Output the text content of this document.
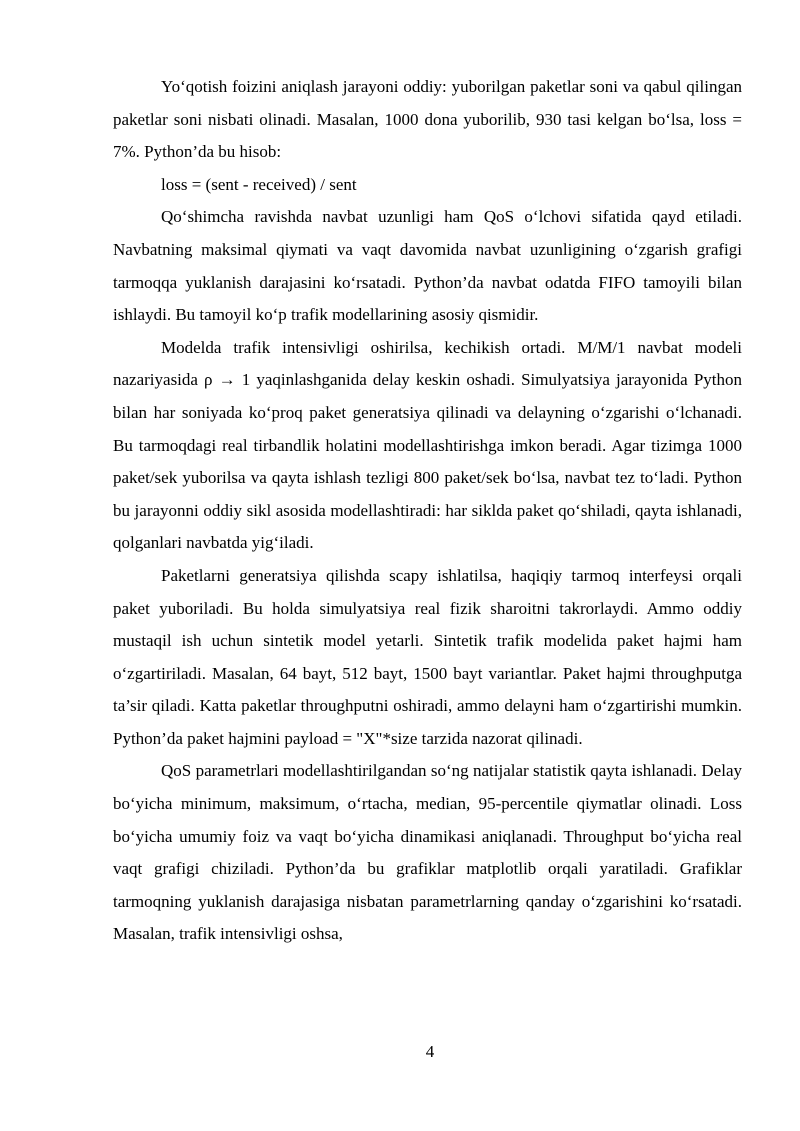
Yo‘qotish foizini aniqlash jarayoni oddiy: yuborilgan paketlar soni va qabul qilingan paketlar soni nisbati olinadi. Masalan, 1000 dona yuborilib, 930 tasi kelgan bo‘lsa, loss = 7%. Python’da bu hisob:

loss = (sent - received) / sent

Qo‘shimcha ravishda navbat uzunligi ham QoS o‘lchovi sifatida qayd etiladi. Navbatning maksimal qiymati va vaqt davomida navbat uzunligining o‘zgarish grafigi tarmoqqa yuklanish darajasini ko‘rsatadi. Python’da navbat odatda FIFO tamoyili bilan ishlaydi. Bu tamoyil ko‘p trafik modellarining asosiy qismidir.

Modelda trafik intensivligi oshirilsa, kechikish ortadi. M/M/1 navbat modeli nazariyasida ρ → 1 yaqinlashganida delay keskin oshadi. Simulyatsiya jarayonida Python bilan har soniyada ko‘proq paket generatsiya qilinadi va delayning o‘zgarishi o‘lchanadi. Bu tarmoqdagi real tirbandlik holatini modellashtirishga imkon beradi. Agar tizimga 1000 paket/sek yuborilsa va qayta ishlash tezligi 800 paket/sek bo‘lsa, navbat tez to‘ladi. Python bu jarayonni oddiy sikl asosida modellashtiradi: har siklda paket qo‘shiladi, qayta ishlanadi, qolganlari navbatda yig‘iladi.

Paketlarni generatsiya qilishda scapy ishlatilsa, haqiqiy tarmoq interfeysi orqali paket yuboriladi. Bu holda simulyatsiya real fizik sharoitni takrorlaydi. Ammo oddiy mustaqil ish uchun sintetik model yetarli. Sintetik trafik modelida paket hajmi ham o‘zgartiriladi. Masalan, 64 bayt, 512 bayt, 1500 bayt variantlar. Paket hajmi throughputga ta’sir qiladi. Katta paketlar throughputni oshiradi, ammo delayni ham o‘zgartirishi mumkin. Python’da paket hajmini payload = "X"*size tarzida nazorat qilinadi.

QoS parametrlari modellashtirilgandan so‘ng natijalar statistik qayta ishlanadi. Delay bo‘yicha minimum, maksimum, o‘rtacha, median, 95-percentile qiymatlar olinadi. Loss bo‘yicha umumiy foiz va vaqt bo‘yicha dinamikasi aniqlanadi. Throughput bo‘yicha real vaqt grafigi chiziladi. Python’da bu grafiklar matplotlib orqali yaratiladi. Grafiklar tarmoqning yuklanish darajasiga nisbatan parametrlarning qanday o‘zgarishini ko‘rsatadi. Masalan, trafik intensivligi oshsa,

4
